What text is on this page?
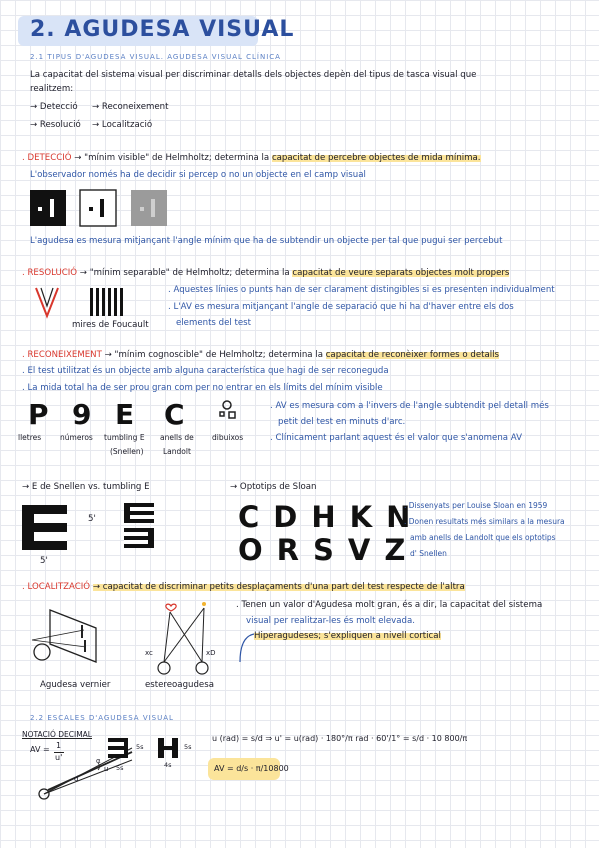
2. AGUDESA VISUAL
2.1 TIPUS D'AGUDESA VISUAL. AGUDESA VISUAL CLÍNICA
La capacitat del sistema visual per discriminar detalls dels objectes depèn del tipus de tasca visual que
realitzem:
→ Detecció → Reconeixement
→ Resolució → Localització
. DETECCIÓ → "mínim visible" de Helmholtz; determina la capacitat de percebre objectes de mida mínima.
L'observador només ha de decidir si percep o no un objecte en el camp visual
L'agudesa es mesura mitjançant l'angle mínim que ha de subtendir un objecte per tal que pugui ser percebut
. RESOLUCIÓ → "mínim separable" de Helmholtz; determina la capacitat de veure separats objectes molt propers
mires de Foucault
. Aquestes línies o punts han de ser clarament distingibles si es presenten individualment
. L'AV es mesura mitjançant l'angle de separació que hi ha d'haver entre els dos
elements del test
. RECONEIXEMENT → "mínim cognoscible" de Helmholtz; determina la capacitat de reconèixer formes o detalls
. El test utilitzat és un objecte amb alguna característica que hagi de ser reconeguda
. La mida total ha de ser prou gran com per no entrar en els límits del mínim visible
P 9 E C
lletres	números tumbling E
(Snellen)
anells de
Landolt
dibuixos
. AV es mesura com a l'invers de l'angle subtendit pel detall més
petit del test en minuts d'arc.
. Clínicament parlant aquest és el valor que s'anomena AV
→ E de Snellen vs. tumbling E	→ Optotips de Sloan
5'
5'
CDHKN
ORSVZ
. Dissenyats per Louise Sloan en 1959
. Donen resultats més similars a la mesura
amb anells de Landolt que els optotips
d' Snellen
. LOCALITZACIÓ → capacitat de discriminar petits desplaçaments d'una part del test respecte de l'altra
Agudesa vernier
xc	xD
estereoagudesa
. Tenen un valor d'Agudesa molt gran, és a dir, la capacitat del sistema
visual per realitzar-les és molt elevada.
Hiperagudeses; s'expliquen a nivell cortical
2.2 ESCALES D'AGUDESA VISUAL
NOTACIÓ DECIMAL
AV = 1
u'	α
u
d
5s
5s
5s
4s
u (rad) = s/d ⇒ u' = u(rad) · 180°/π rad · 60'/1° = s/d · 10 800/π
AV = d/s · π/10800
